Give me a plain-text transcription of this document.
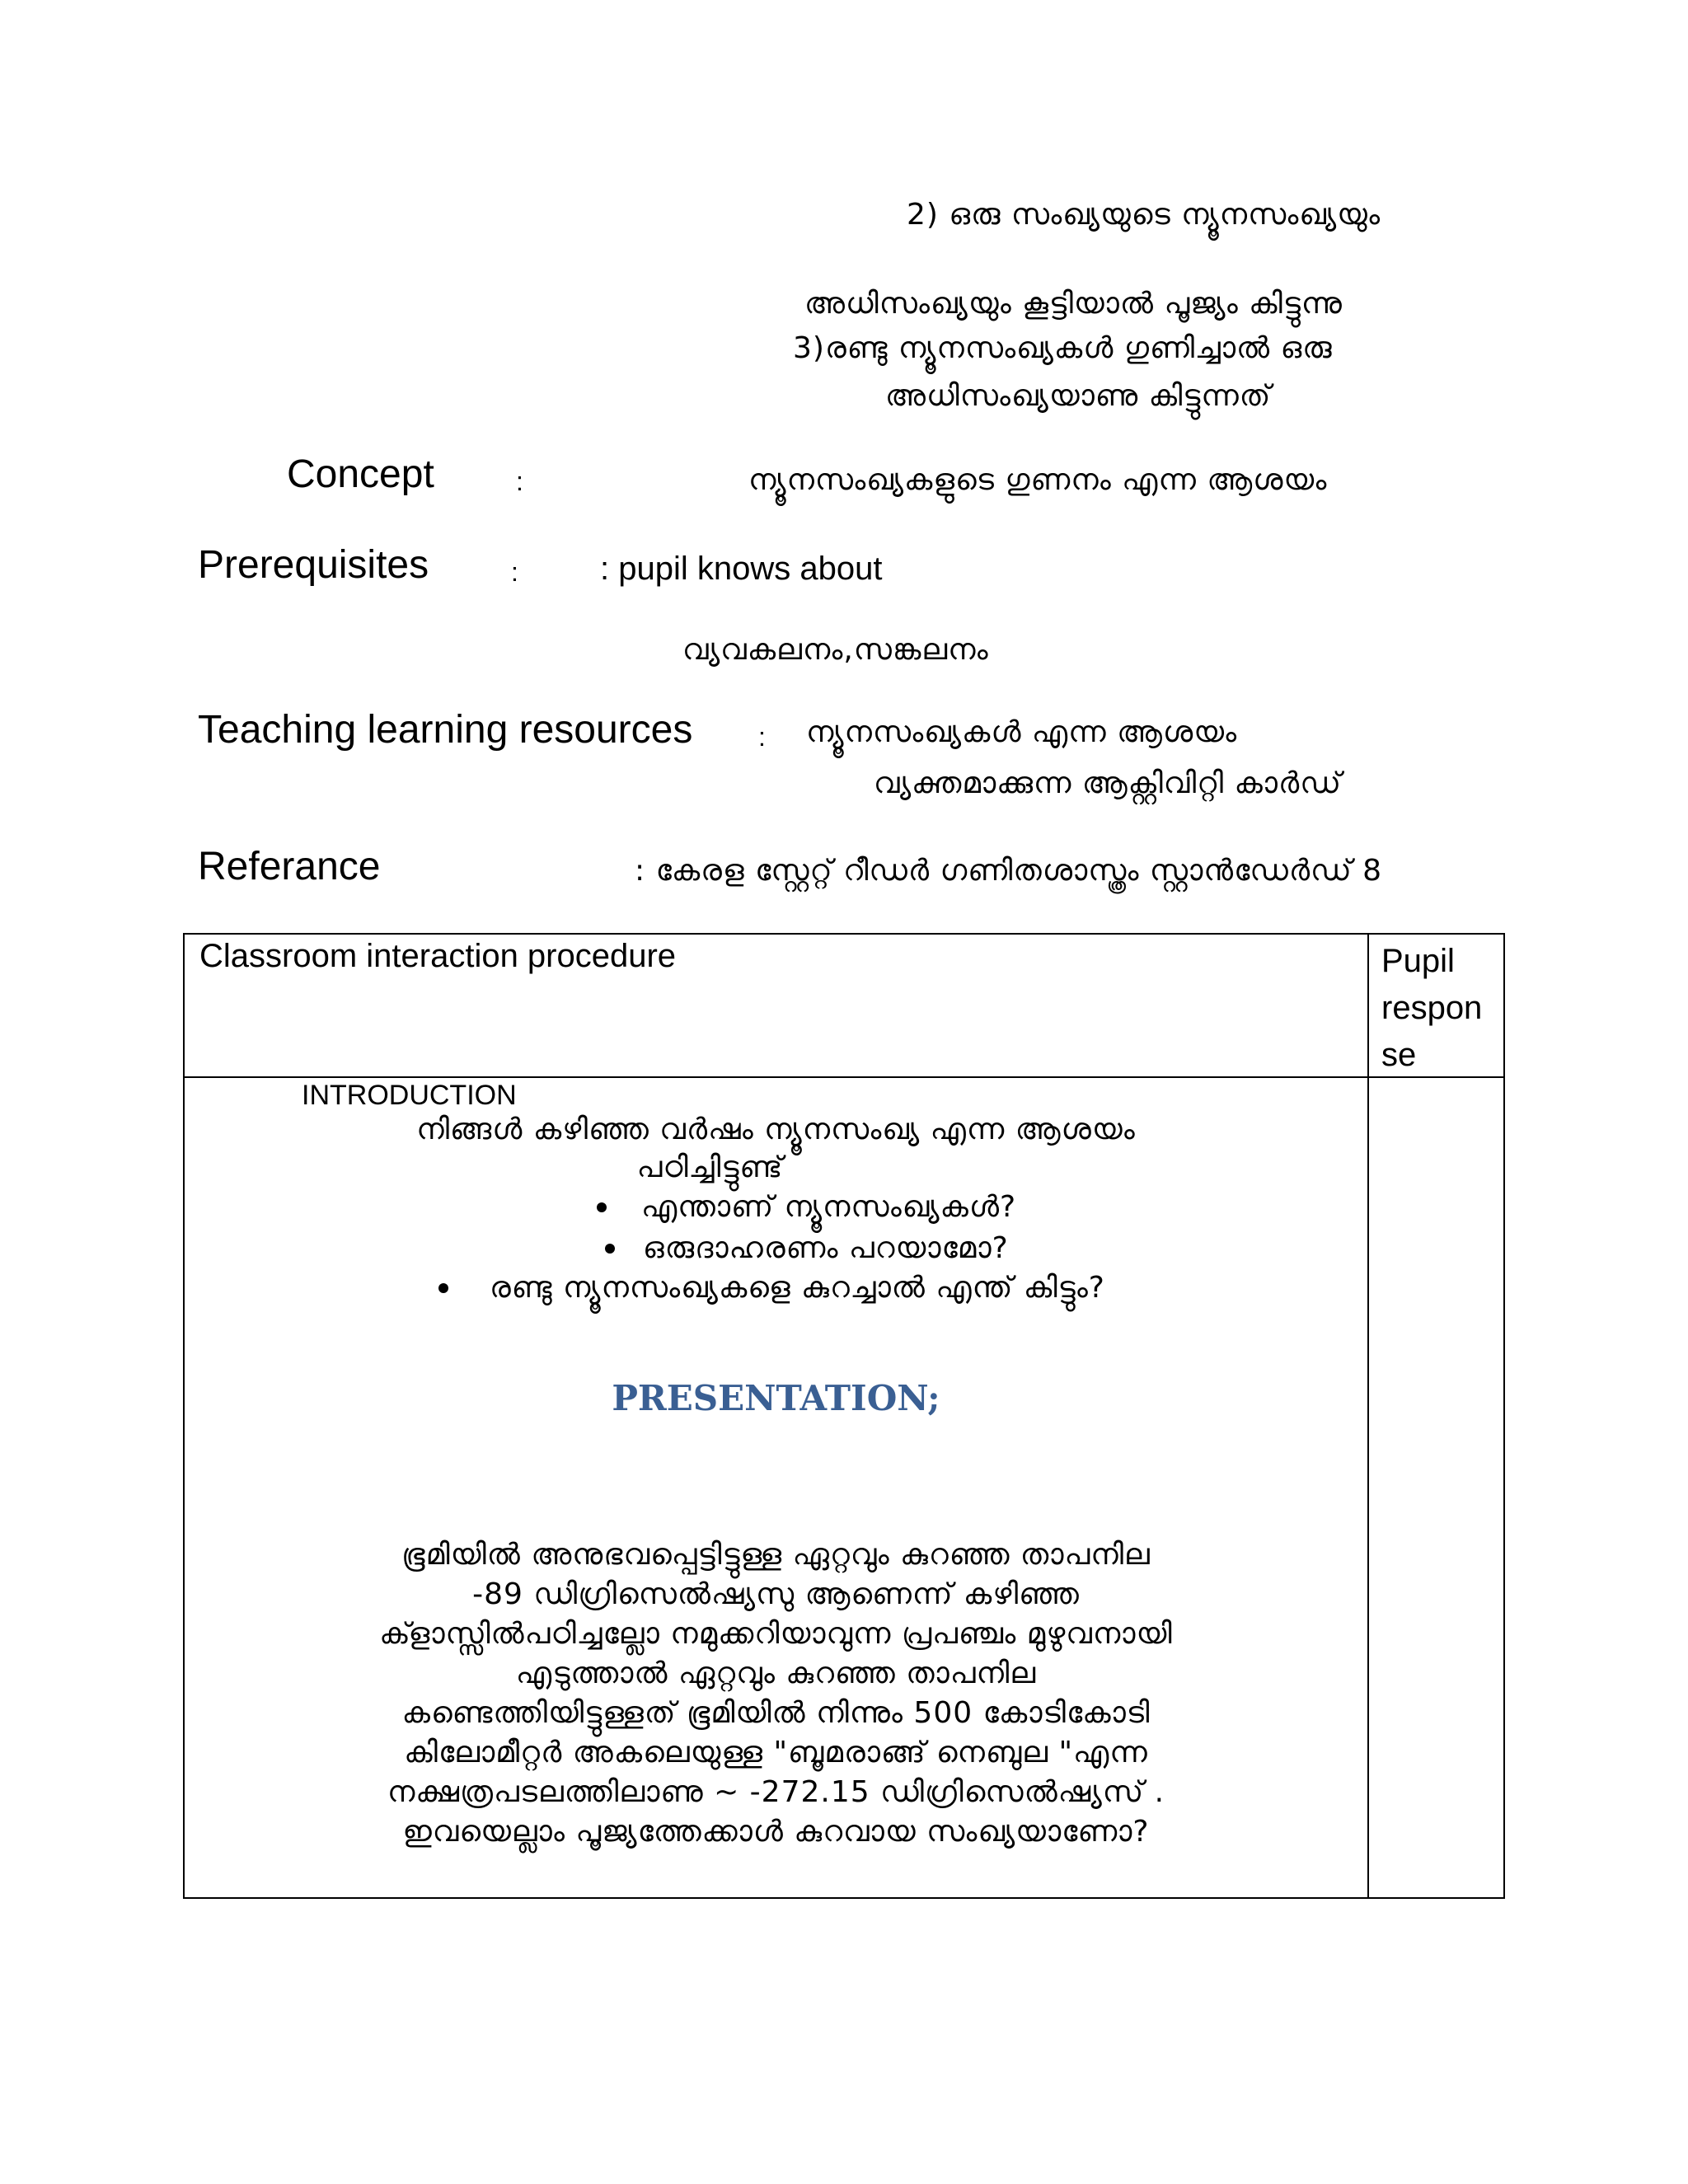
2) ഒരു സംഖ്യയുടെ ന്യൂനസംഖ്യയും
അധിസംഖ്യയും കൂട്ടിയാൽ പൂജ്യം കിട്ടുന്നു
3)രണ്ടു ന്യൂനസംഖ്യകൾ ഗുണിച്ചാൽ ഒരു
അധിസംഖ്യയാണു കിട്ടുന്നത്
Concept	:	ന്യൂനസംഖ്യകളുടെ ഗുണനം എന്ന ആശയം
Prerequisites	: : pupil knows about
വ്യവകലനം,സങ്കലനം
Teaching learning resources : ന്യൂനസംഖ്യകൾ എന്ന ആശയം
വ്യക്തമാക്കുന്ന ആക്റ്റിവിറ്റി കാർഡ്
Referance	: കേരള സ്റ്റേറ്റ് റീഡർ ഗണിതശാസ്ത്രം സ്റ്റാൻഡേർഡ് 8
Classroom interaction procedure	Pupil respon se
INTRODUCTION
നിങ്ങൾ കഴിഞ്ഞ വർഷം ന്യൂനസംഖ്യ എന്ന ആശയം
പഠിച്ചിട്ടുണ്ട്
എന്താണ് ന്യൂനസംഖ്യകൾ?
ഒരുദാഹരണം പറയാമോ?
രണ്ടു ന്യൂനസംഖ്യകളെ കുറച്ചാൽ എന്ത് കിട്ടും?
PRESENTATION;
ഭൂമിയിൽ അനുഭവപ്പെട്ടിട്ടുള്ള ഏറ്റവും കുറഞ്ഞ താപനില
-89 ഡിഗ്രിസെൽഷ്യസു ആണെന്ന് കഴിഞ്ഞ
ക്ളാസ്സിൽപഠിച്ചല്ലോ നമുക്കറിയാവുന്ന പ്രപഞ്ചം മുഴുവനായി
എടുത്താൽ ഏറ്റവും കുറഞ്ഞ താപനില
കണ്ടെത്തിയിട്ടുള്ളത് ഭൂമിയിൽ നിന്നും 500 കോടികോടി
കിലോമീറ്റർ അകലെയുള്ള "ബൂമരാങ്ങ് നെബുല "എന്ന
നക്ഷത്രപടലത്തിലാണു ~ -272.15 ഡിഗ്രിസെൽഷ്യസ് .
ഇവയെല്ലാം പൂജ്യത്തേക്കാൾ കുറവായ സംഖ്യയാണോ?
